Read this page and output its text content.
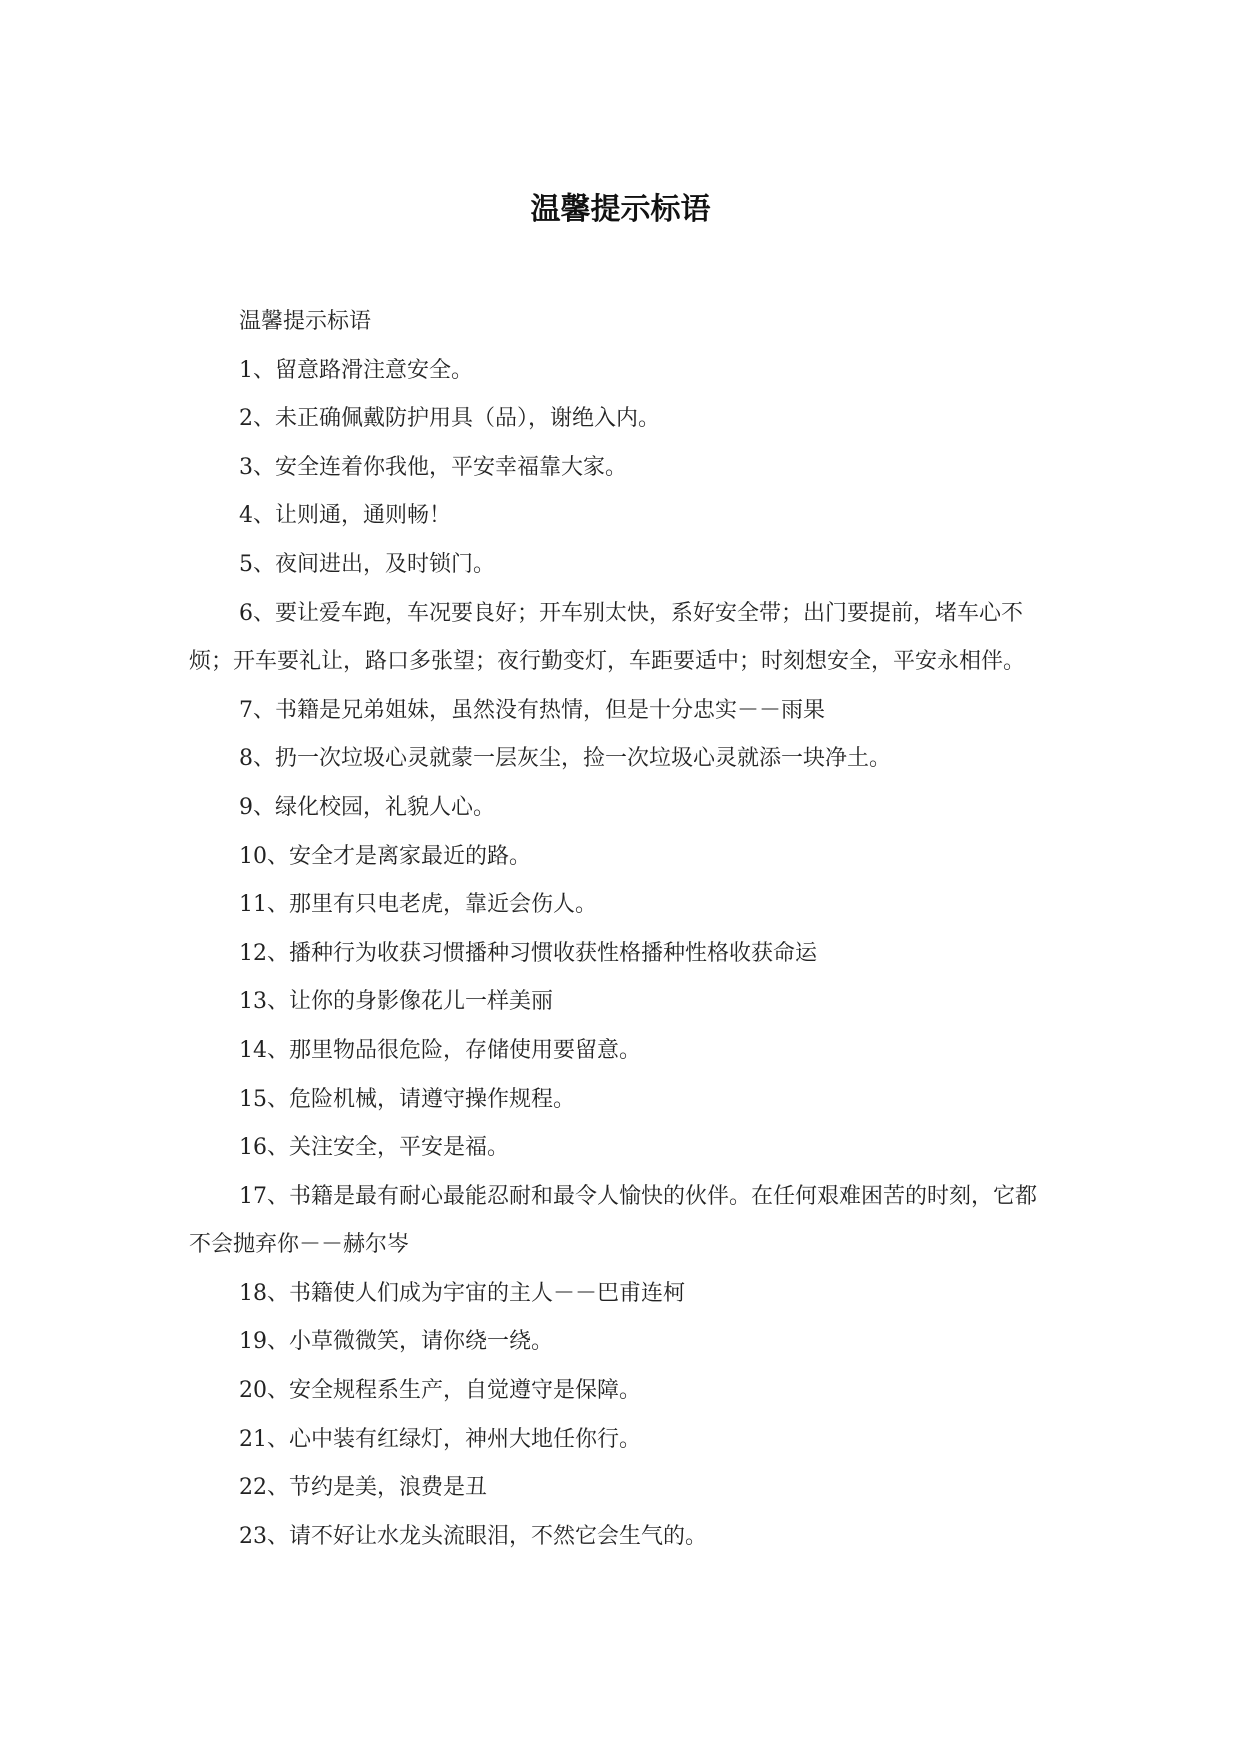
温馨提示标语

温馨提示标语

1、留意路滑注意安全。

2、未正确佩戴防护用具（品），谢绝入内。

3、安全连着你我他，平安幸福靠大家。

4、让则通，通则畅！

5、夜间进出，及时锁门。

6、要让爱车跑，车况要良好；开车别太快，系好安全带；出门要提前，堵车心不烦；开车要礼让，路口多张望；夜行勤变灯，车距要适中；时刻想安全，平安永相伴。

7、书籍是兄弟姐妹，虽然没有热情，但是十分忠实－－雨果

8、扔一次垃圾心灵就蒙一层灰尘，捡一次垃圾心灵就添一块净土。

9、绿化校园，礼貌人心。

10、安全才是离家最近的路。

11、那里有只电老虎，靠近会伤人。

12、播种行为收获习惯播种习惯收获性格播种性格收获命运

13、让你的身影像花儿一样美丽

14、那里物品很危险，存储使用要留意。

15、危险机械，请遵守操作规程。

16、关注安全，平安是福。

17、书籍是最有耐心最能忍耐和最令人愉快的伙伴。在任何艰难困苦的时刻，它都不会抛弃你－－赫尔岑

18、书籍使人们成为宇宙的主人－－巴甫连柯

19、小草微微笑，请你绕一绕。

20、安全规程系生产，自觉遵守是保障。

21、心中装有红绿灯，神州大地任你行。

22、节约是美，浪费是丑

23、请不好让水龙头流眼泪，不然它会生气的。
